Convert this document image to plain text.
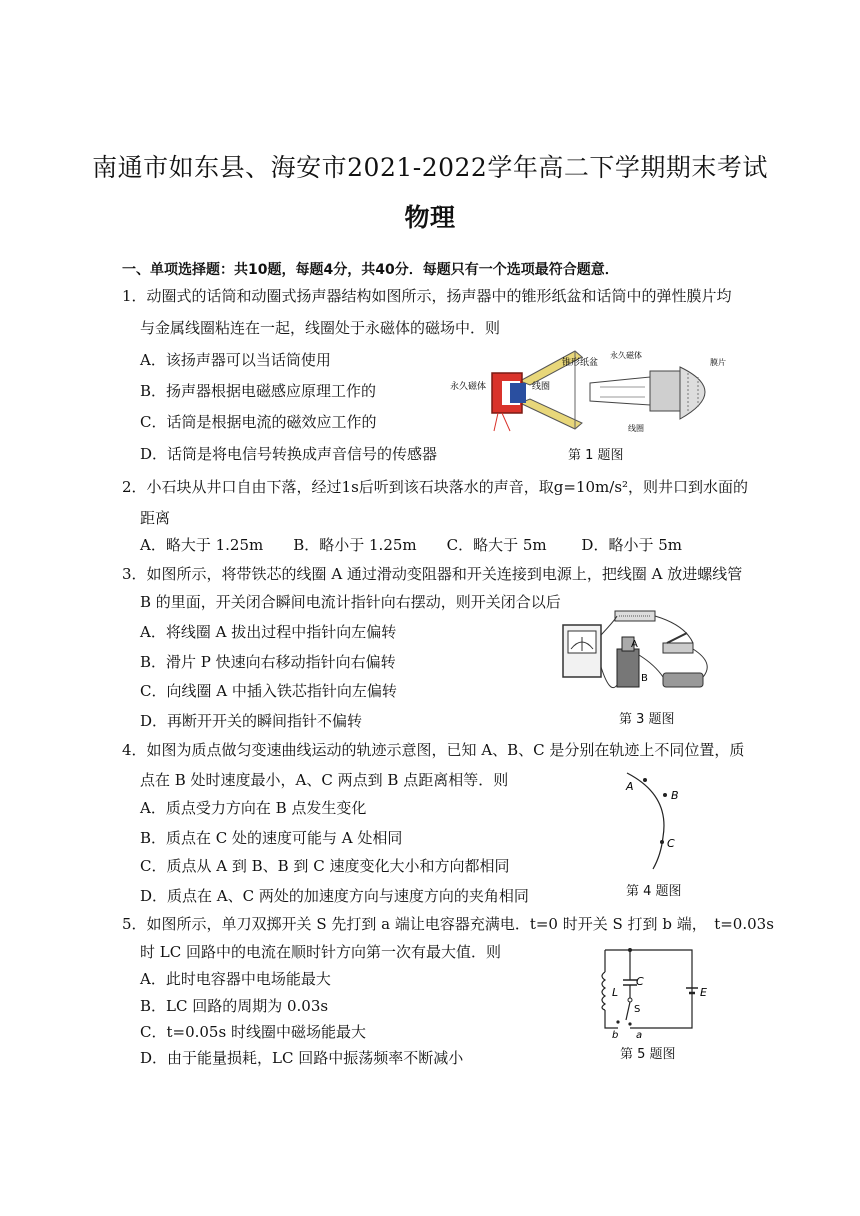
南通市如东县、海安市2021-2022学年高二下学期期末考试
物理
一、单项选择题：共10题，每题4分，共40分．每题只有一个选项最符合题意．
1．动圈式的话筒和动圈式扬声器结构如图所示，扬声器中的锥形纸盆和话筒中的弹性膜片均
与金属线圈粘连在一起，线圈处于永磁体的磁场中．则
A．该扬声器可以当话筒使用
B．扬声器根据电磁感应原理工作的
C．话筒是根据电流的磁效应工作的
D．话筒是将电信号转换成声音信号的传感器
永久磁体	线圈
锥形纸盆
永久磁体
膜片
线圈
第 1 题图
2．小石块从井口自由下落，经过1s后听到该石块落水的声音，取g=10m/s²，则井口到水面的
距离
A．略大于 1.25m　　B．略小于 1.25m　　C．略大于 5m　　 D．略小于 5m
3．如图所示，将带铁芯的线圈 A 通过滑动变阻器和开关连接到电源上，把线圈 A 放进螺线管
B 的里面，开关闭合瞬间电流计指针向右摆动，则开关闭合以后
A．将线圈 A 拔出过程中指针向左偏转
B．滑片 P 快速向右移动指针向右偏转
C．向线圈 A 中插入铁芯指针向左偏转
D．再断开开关的瞬间指针不偏转
A
B
第 3 题图
4．如图为质点做匀变速曲线运动的轨迹示意图，已知 A、B、C 是分别在轨迹上不同位置，质
点在 B 处时速度最小，A、C 两点到 B 点距离相等．则
A．质点受力方向在 B 点发生变化
B．质点在 C 处的速度可能与 A 处相同
C．质点从 A 到 B、B 到 C 速度变化大小和方向都相同
D．质点在 A、C 两处的加速度方向与速度方向的夹角相同
A
B
C
第 4 题图
5．如图所示，单刀双掷开关 S 先打到 a 端让电容器充满电．t=0 时开关 S 打到 b 端，　t=0.03s
时 LC 回路中的电流在顺时针方向第一次有最大值．则
A．此时电容器中电场能最大
B．LC 回路的周期为 0.03s
C．t=0.05s 时线圈中磁场能最大
D．由于能量损耗，LC 回路中振荡频率不断减小
L
C
S
b a
E
第 5 题图
